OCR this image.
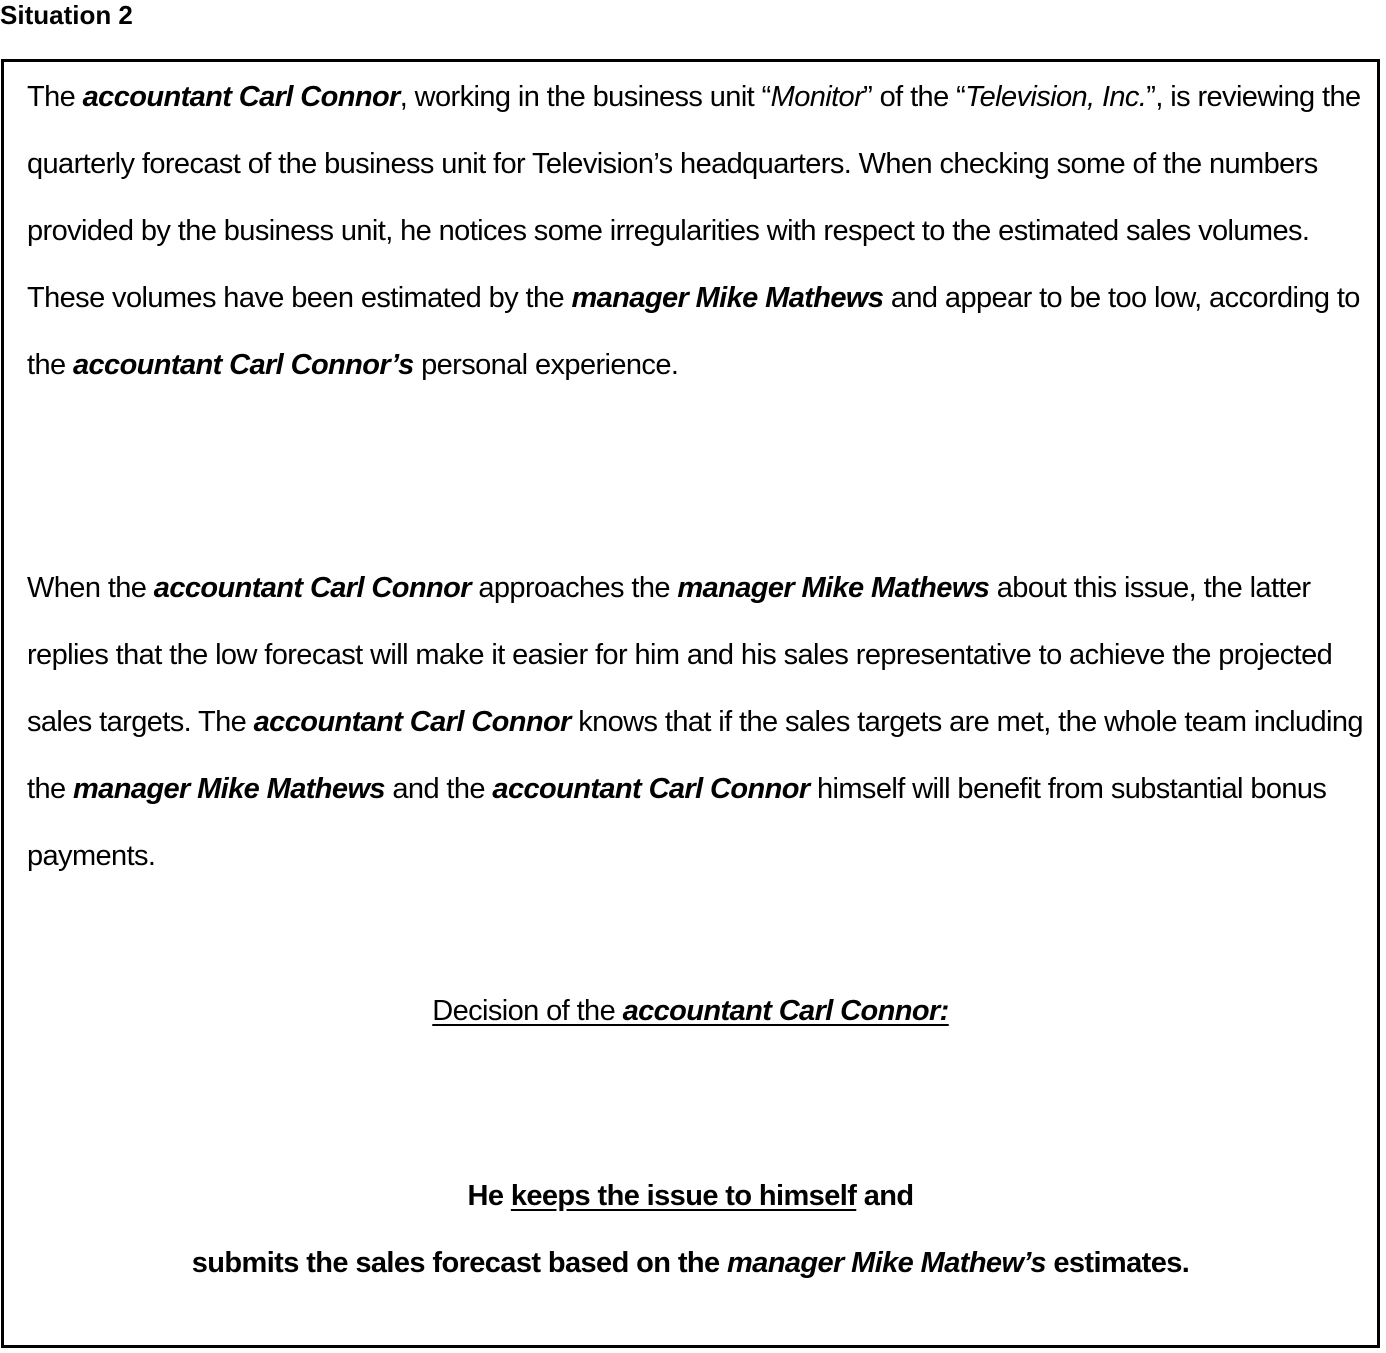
Situation 2

The accountant Carl Connor, working in the business unit “Monitor” of the “Television, Inc.”, is reviewing the quarterly forecast of the business unit for Television’s headquarters. When checking some of the numbers provided by the business unit, he notices some irregularities with respect to the estimated sales volumes. These volumes have been estimated by the manager Mike Mathews and appear to be too low, according to the accountant Carl Connor’s personal experience.

When the accountant Carl Connor approaches the manager Mike Mathews about this issue, the latter replies that the low forecast will make it easier for him and his sales representative to achieve the projected sales targets. The accountant Carl Connor knows that if the sales targets are met, the whole team including the manager Mike Mathews and the accountant Carl Connor himself will benefit from substantial bonus payments.

Decision of the accountant Carl Connor:

He keeps the issue to himself and

submits the sales forecast based on the manager Mike Mathew’s estimates.
